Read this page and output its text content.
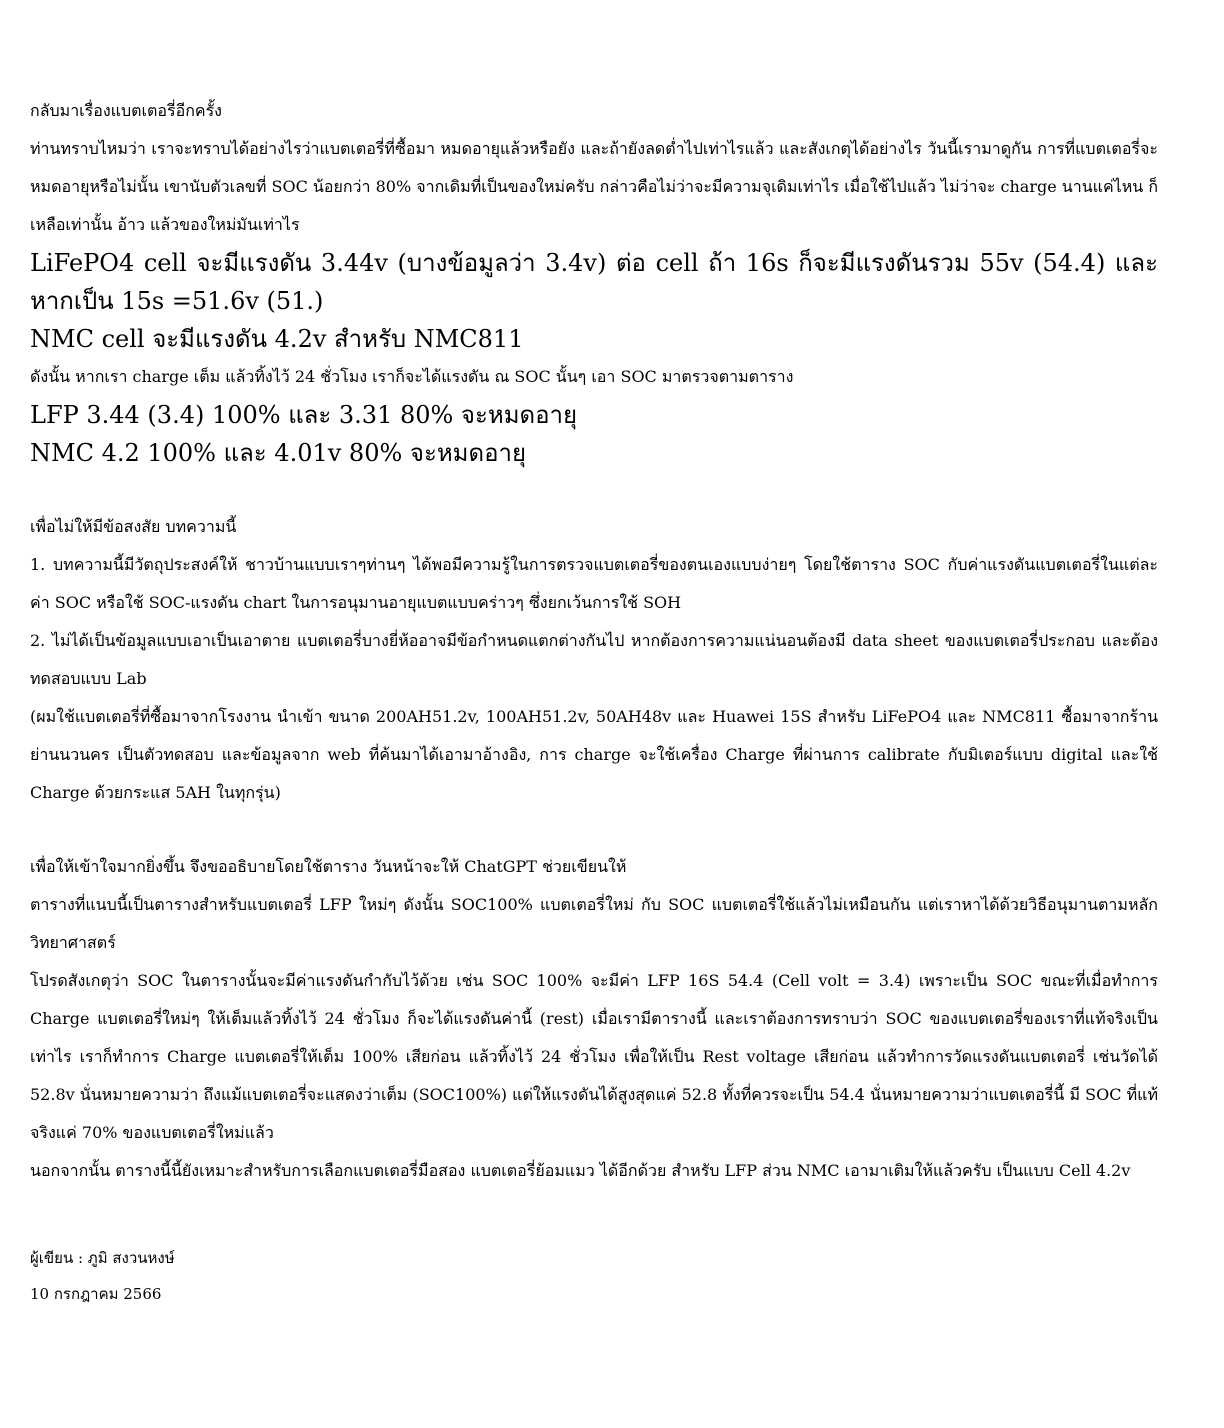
กลับมาเรื่องแบตเตอรี่อีกครั้ง

ท่านทราบไหมว่า เราจะทราบได้อย่างไรว่าแบตเตอรี่ที่ซื้อมา หมดอายุแล้วหรือยัง และถ้ายังลดต่ำไปเท่าไรแล้ว และสังเกตุได้อย่างไร วันนี้เรามาดูกัน การที่แบตเตอรี่จะหมดอายุหรือไม่นั้น เขานับตัวเลขที่ SOC น้อยกว่า 80% จากเดิมที่เป็นของใหม่ครับ กล่าวคือไม่ว่าจะมีความจุเดิมเท่าไร เมื่อใช้ไปแล้ว ไม่ว่าจะ charge นานแค่ไหน ก็เหลือเท่านั้น อ้าว แล้วของใหม่มันเท่าไร

LiFePO4 cell จะมีแรงดัน 3.44v (บางข้อมูลว่า 3.4v) ต่อ cell ถ้า 16s ก็จะมีแรงดันรวม 55v (54.4) และหากเป็น 15s =51.6v (51.)

NMC cell จะมีแรงดัน 4.2v สำหรับ NMC811

ดังนั้น หากเรา charge เต็ม แล้วทิ้งไว้ 24 ชั่วโมง เราก็จะได้แรงดัน ณ SOC นั้นๆ เอา SOC มาตรวจตามตาราง

LFP 3.44 (3.4) 100% และ 3.31 80% จะหมดอายุ

NMC 4.2 100% และ 4.01v 80% จะหมดอายุ

เพื่อไม่ให้มีข้อสงสัย บทความนี้

1. บทความนี้มีวัตถุประสงค์ให้ ชาวบ้านแบบเราๆท่านๆ ได้พอมีความรู้ในการตรวจแบตเตอรี่ของตนเองแบบง่ายๆ โดยใช้ตาราง SOC กับค่าแรงดันแบตเตอรี่ในแต่ละค่า SOC หรือใช้ SOC-แรงดัน chart ในการอนุมานอายุแบตแบบคร่าวๆ ซึ่งยกเว้นการใช้ SOH

2. ไม่ได้เป็นข้อมูลแบบเอาเป็นเอาตาย แบตเตอรี่บางยี่ห้ออาจมีข้อกำหนดแตกต่างกันไป หากต้องการความแน่นอนต้องมี data sheet ของแบตเตอรี่ประกอบ และต้องทดสอบแบบ Lab

(ผมใช้แบตเตอรี่ที่ซื้อมาจากโรงงาน นำเข้า ขนาด 200AH51.2v, 100AH51.2v, 50AH48v และ Huawei 15S สำหรับ LiFePO4 และ NMC811 ซื้อมาจากร้านย่านนวนคร เป็นตัวทดสอบ และข้อมูลจาก web ที่ค้นมาได้เอามาอ้างอิง, การ charge จะใช้เครื่อง Charge ที่ผ่านการ calibrate กับมิเตอร์แบบ digital และใช้ Charge ด้วยกระแส 5AH ในทุกรุ่น)

เพื่อให้เข้าใจมากยิ่งขึ้น จึงขออธิบายโดยใช้ตาราง วันหน้าจะให้ ChatGPT ช่วยเขียนให้

ตารางที่แนบนี้เป็นตารางสำหรับแบตเตอรี่ LFP ใหม่ๆ ดังนั้น SOC100% แบตเตอรี่ใหม่ กับ SOC แบตเตอรี่ใช้แล้วไม่เหมือนกัน แต่เราหาได้ด้วยวิธีอนุมานตามหลักวิทยาศาสตร์

โปรดสังเกตุว่า SOC ในตารางนั้นจะมีค่าแรงดันกำกับไว้ด้วย เช่น SOC 100% จะมีค่า LFP 16S 54.4 (Cell volt = 3.4) เพราะเป็น SOC ขณะที่เมื่อทำการ Charge แบตเตอรี่ใหม่ๆ ให้เต็มแล้วทิ้งไว้ 24 ชั่วโมง ก็จะได้แรงดันค่านี้ (rest) เมื่อเรามีตารางนี้ และเราต้องการทราบว่า SOC ของแบตเตอรี่ของเราที่แท้จริงเป็นเท่าไร เราก็ทำการ Charge แบตเตอรี่ให้เต็ม 100% เสียก่อน แล้วทิ้งไว้ 24 ชั่วโมง เพื่อให้เป็น Rest voltage เสียก่อน แล้วทำการวัดแรงดันแบตเตอรี่ เช่นวัดได้ 52.8v นั่นหมายความว่า ถึงแม้แบตเตอรี่จะแสดงว่าเต็ม (SOC100%) แต่ให้แรงดันได้สูงสุดแค่ 52.8 ทั้งที่ควรจะเป็น 54.4 นั่นหมายความว่าแบตเตอรี่นี้ มี SOC ที่แท้จริงแค่ 70% ของแบตเตอรี่ใหม่แล้ว

นอกจากนั้น ตารางนี้นี้ยังเหมาะสำหรับการเลือกแบตเตอรี่มือสอง แบตเตอรี่ย้อมแมว ได้อีกด้วย สำหรับ LFP ส่วน NMC เอามาเติมให้แล้วครับ เป็นแบบ Cell 4.2v

ผู้เขียน : ภูมิ สงวนหงษ์

10 กรกฎาคม 2566
